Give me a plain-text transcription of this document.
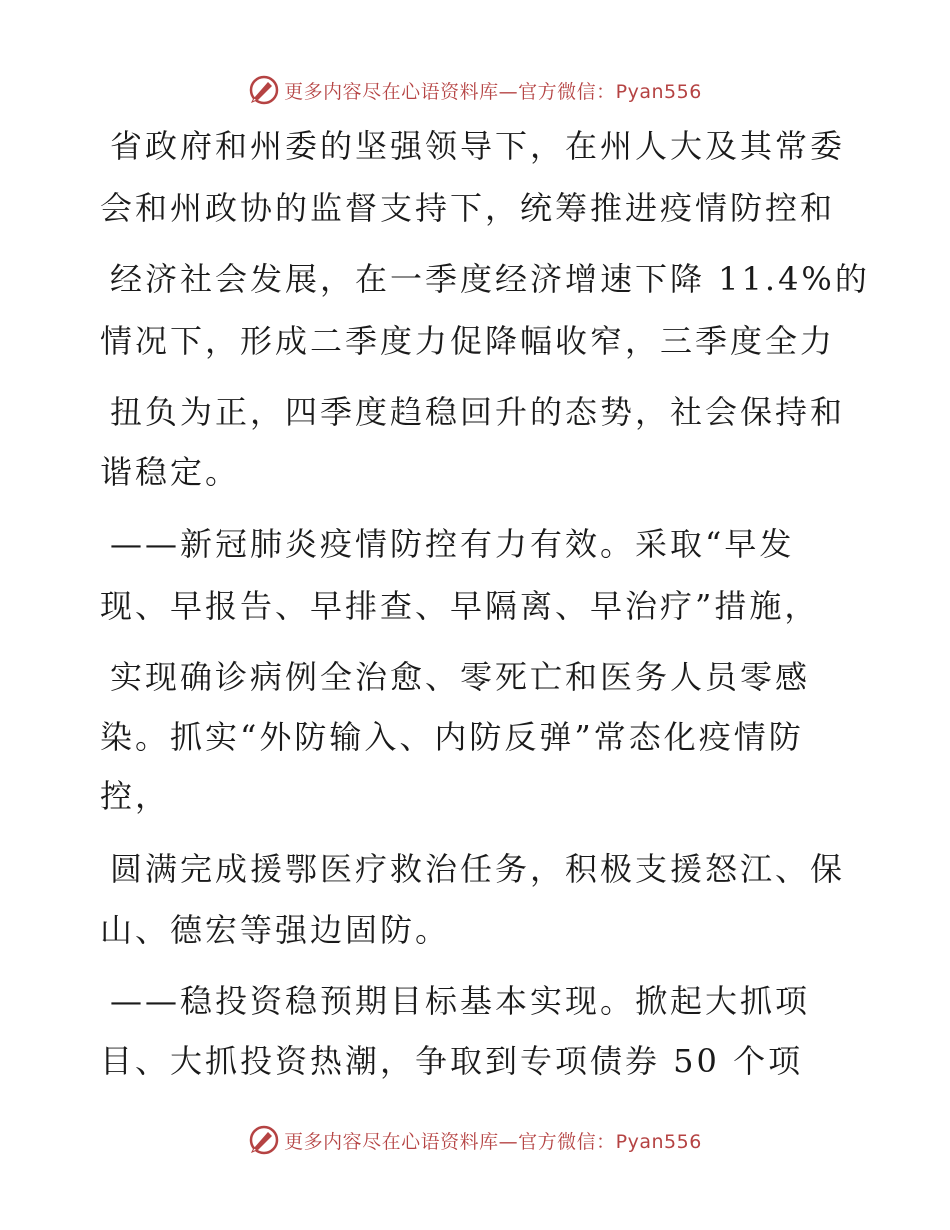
更多内容尽在心语资料库—官方微信：Pyan556
省政府和州委的坚强领导下，在州人大及其常委
会和州政协的监督支持下，统筹推进疫情防控和
经济社会发展，在一季度经济增速下降 11.4%的
情况下，形成二季度力促降幅收窄，三季度全力
扭负为正，四季度趋稳回升的态势，社会保持和
谐稳定。
——新冠肺炎疫情防控有力有效。采取“早发
现、早报告、早排查、早隔离、早治疗”措施，
实现确诊病例全治愈、零死亡和医务人员零感
染。抓实“外防输入、内防反弹”常态化疫情防
控，
圆满完成援鄂医疗救治任务，积极支援怒江、保
山、德宏等强边固防。
——稳投资稳预期目标基本实现。掀起大抓项
目、大抓投资热潮，争取到专项债券 50 个项
更多内容尽在心语资料库—官方微信：Pyan556
